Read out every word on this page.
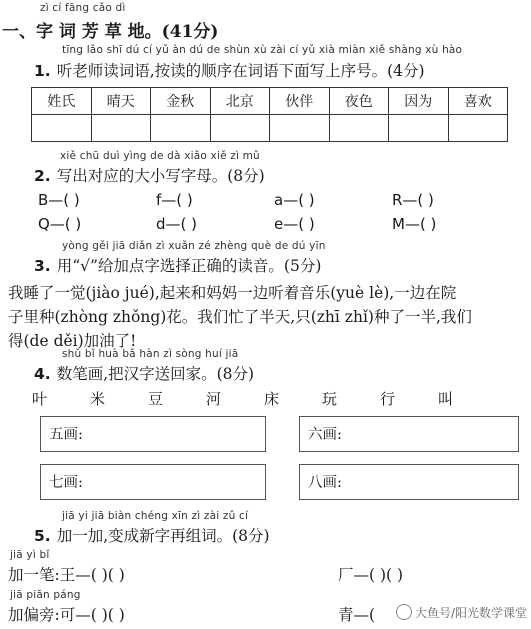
zì cí fāng cǎo dì
一、字 词 芳 草 地。(41分)
tīng lǎo shī dú cí yǔ àn dú de shùn xù zài cí yǔ xià miàn xiě shàng xù hào
1. 听老师读词语,按读的顺序在词语下面写上序号。(4分)
姓氏	晴天	金秋	北京	伙伴	夜色	因为	喜欢

xiě chū duì yìng de dà xiǎo xiě zì mǔ
2. 写出对应的大小写字母。(8分)
B—( )	f—( )	a—( )	R—( )
Q—( )	d—( )	e—( )	M—( )
yòng gěi jiā diǎn zì xuǎn zé zhèng què de dú yīn
3. 用“√”给加点字选择正确的读音。(5分)
我睡了一觉(jiào jué),起来和妈妈一边听着音乐(yuè lè),一边在院
子里种(zhòng zhǒng)花。我们忙了半天,只(zhī zhǐ)种了一半,我们
得(de děi)加油了!
shǔ bǐ huà bǎ hàn zì sòng huí jiā
4. 数笔画,把汉字送回家。(8分)
叶	米	豆	河	床	玩	行	叫
五画:	六画:
七画:	八画:
jiā yi jiā biàn chéng xīn zì zài zǔ cí
5. 加一加,变成新字再组词。(8分)
jiā yì bǐ
加一笔:王—( )( )	厂—( )( )
jiā piān páng
加偏旁:可—( )( )	青—(	大鱼号/阳光数学课堂
